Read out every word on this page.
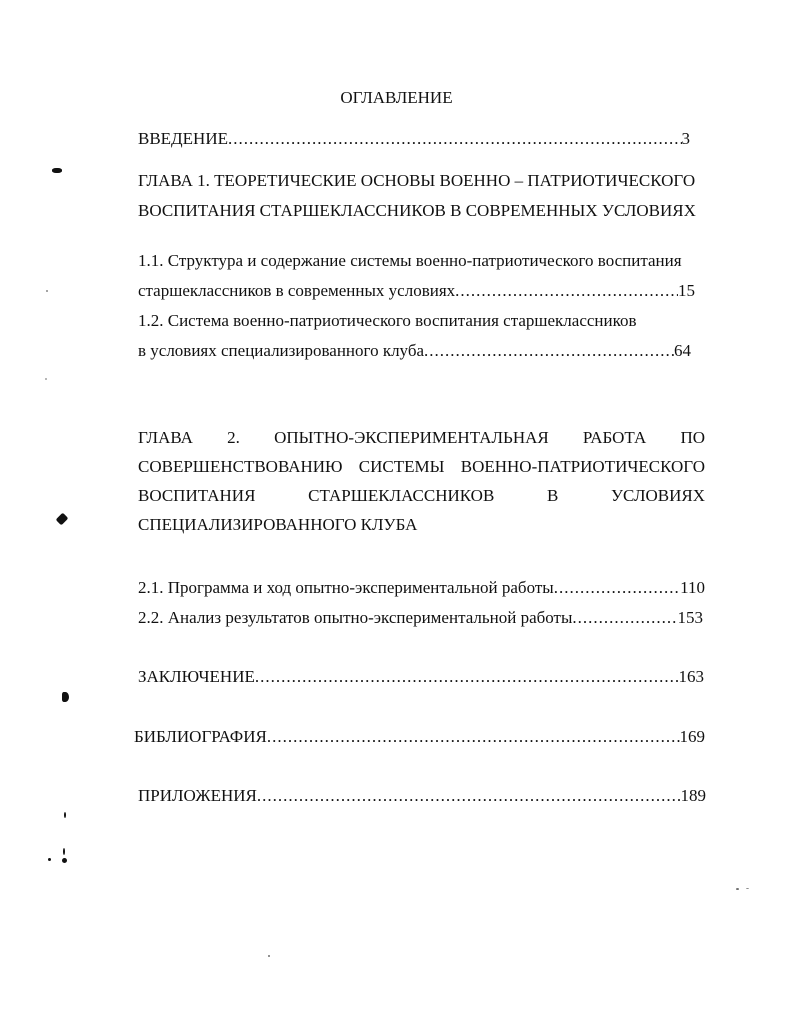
ОГЛАВЛЕНИЕ
ВВЕДЕНИЕ .....	3
ГЛАВА 1. ТЕОРЕТИЧЕСКИЕ ОСНОВЫ ВОЕННО – ПАТРИОТИЧЕСКОГО
ВОСПИТАНИЯ СТАРШЕКЛАССНИКОВ В СОВРЕМЕННЫХ УСЛОВИЯХ
1.1. Структура и содержание системы военно-патриотического воспитания
старшеклассников в современных условиях .....	15
1.2. Система военно-патриотического воспитания старшеклассников
в условиях специализированного клуба .....	64
ГЛАВА 2. ОПЫТНО-ЭКСПЕРИМЕНТАЛЬНАЯ РАБОТА ПО
СОВЕРШЕНСТВОВАНИЮ СИСТЕМЫ ВОЕННО-ПАТРИОТИЧЕСКОГО
ВОСПИТАНИЯ СТАРШЕКЛАССНИКОВ В УСЛОВИЯХ
СПЕЦИАЛИЗИРОВАННОГО КЛУБА
2.1. Программа и ход опытно-экспериментальной работы .....	110
2.2. Анализ результатов опытно-экспериментальной работы .....	153
ЗАКЛЮЧЕНИЕ .....	163
БИБЛИОГРАФИЯ .....	169
ПРИЛОЖЕНИЯ .....	189
